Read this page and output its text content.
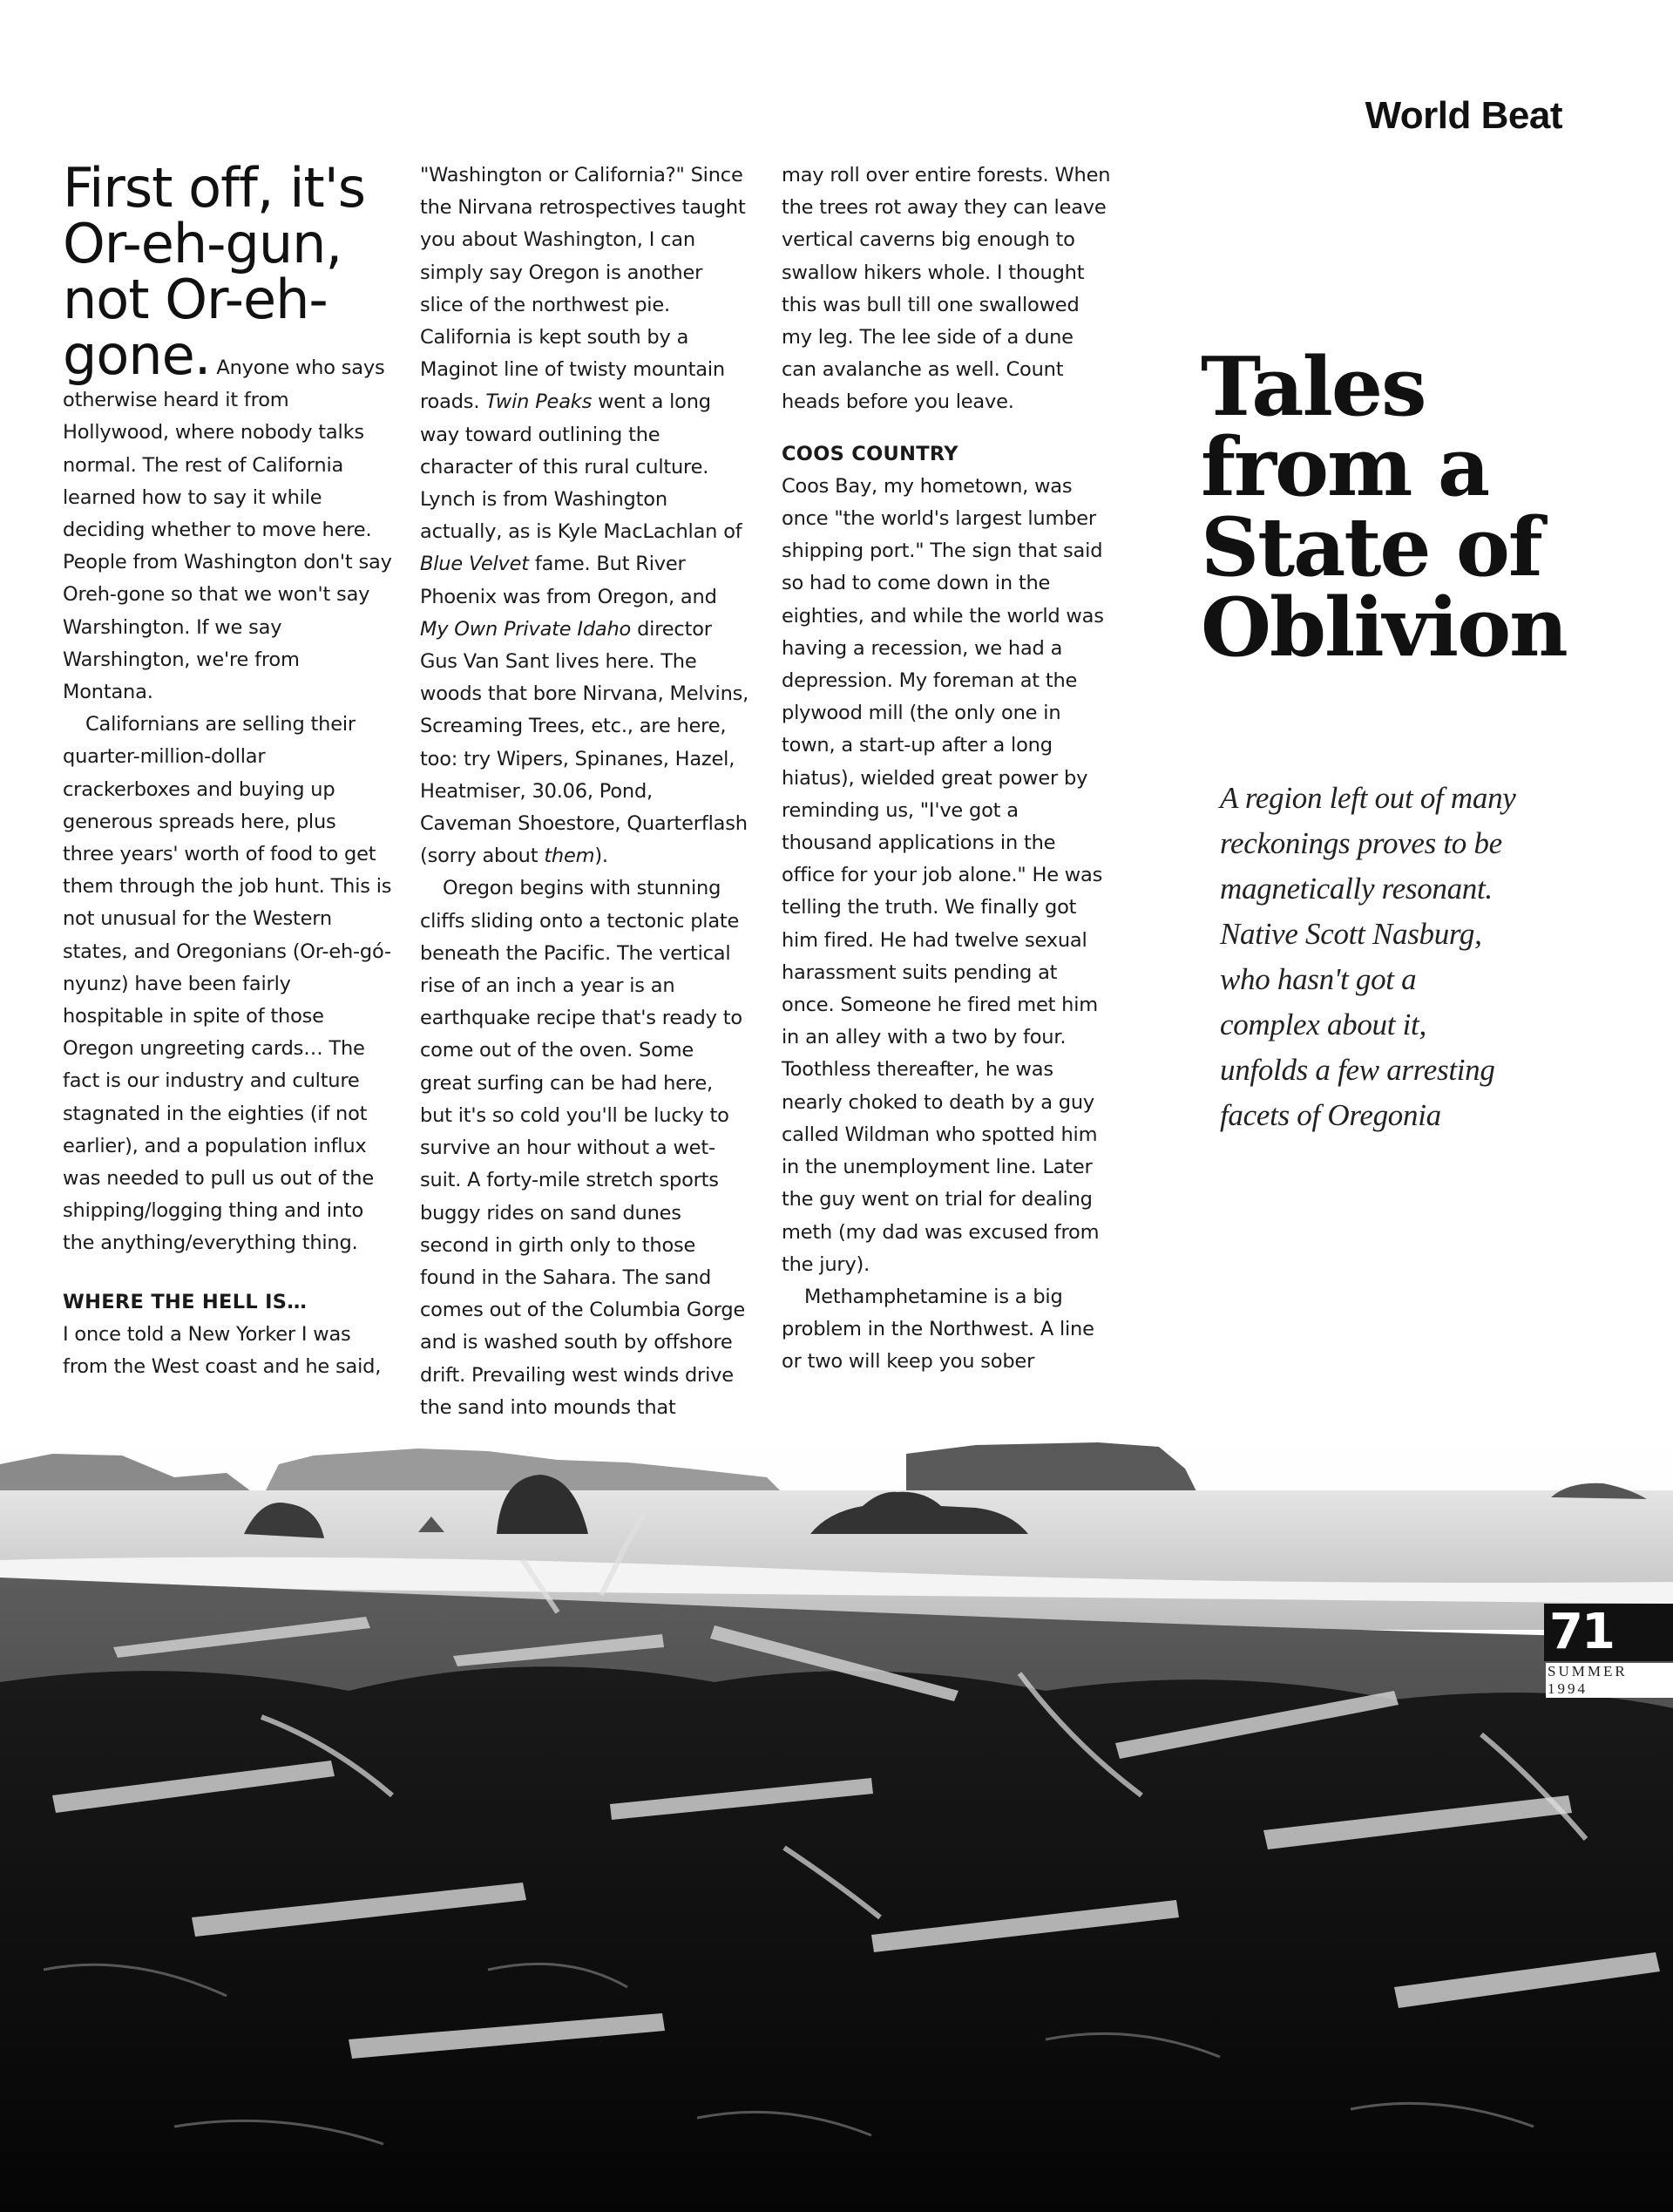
World Beat
First off, it's
Or-eh-gun,
not Or-eh-

gone. Anyone who says otherwise heard it from Hollywood, where nobody talks normal. The rest of California learned how to say it while deciding whether to move here. People from Washington don't say Oreh-gone so that we won't say Warshington. If we say Warshington, we're from Montana.

Californians are selling their quarter-million-dollar crackerboxes and buying up generous spreads here, plus three years' worth of food to get them through the job hunt. This is not unusual for the Western states, and Oregonians (Or-eh-gó-nyunz) have been fairly hospitable in spite of those Oregon ungreeting cards… The fact is our industry and culture stagnated in the eighties (if not earlier), and a population influx was needed to pull us out of the shipping/logging thing and into the anything/everything thing.

WHERE THE HELL IS…

I once told a New Yorker I was from the West coast and he said,

"Washington or California?" Since the Nirvana retrospectives taught you about Washington, I can simply say Oregon is another slice of the northwest pie. California is kept south by a Maginot line of twisty mountain roads. Twin Peaks went a long way toward outlining the character of this rural culture. Lynch is from Washington actually, as is Kyle MacLachlan of Blue Velvet fame. But River Phoenix was from Oregon, and My Own Private Idaho director Gus Van Sant lives here. The woods that bore Nirvana, Melvins, Screaming Trees, etc., are here, too: try Wipers, Spinanes, Hazel, Heatmiser, 30.06, Pond, Caveman Shoestore, Quarterflash (sorry about them).

Oregon begins with stunning cliffs sliding onto a tectonic plate beneath the Pacific. The vertical rise of an inch a year is an earthquake recipe that's ready to come out of the oven. Some great surfing can be had here, but it's so cold you'll be lucky to survive an hour without a wet-suit. A forty-mile stretch sports buggy rides on sand dunes second in girth only to those found in the Sahara. The sand comes out of the Columbia Gorge and is washed south by offshore drift. Prevailing west winds drive the sand into mounds that

may roll over entire forests. When the trees rot away they can leave vertical caverns big enough to swallow hikers whole. I thought this was bull till one swallowed my leg. The lee side of a dune can avalanche as well. Count heads before you leave.

COOS COUNTRY

Coos Bay, my hometown, was once "the world's largest lumber shipping port." The sign that said so had to come down in the eighties, and while the world was having a recession, we had a depression. My foreman at the plywood mill (the only one in town, a start-up after a long hiatus), wielded great power by reminding us, "I've got a thousand applications in the office for your job alone." He was telling the truth. We finally got him fired. He had twelve sexual harassment suits pending at once. Someone he fired met him in an alley with a two by four. Toothless thereafter, he was nearly choked to death by a guy called Wildman who spotted him in the unemployment line. Later the guy went on trial for dealing meth (my dad was excused from the jury).

Methamphetamine is a big problem in the Northwest. A line or two will keep you sober

Tales
from a
State of
Oblivion

A region left out of many
reckonings proves to be
magnetically resonant.
Native Scott Nasburg,
who hasn't got a
complex about it,
unfolds a few arresting
facets of Oregonia

71
SUMMER 1994
